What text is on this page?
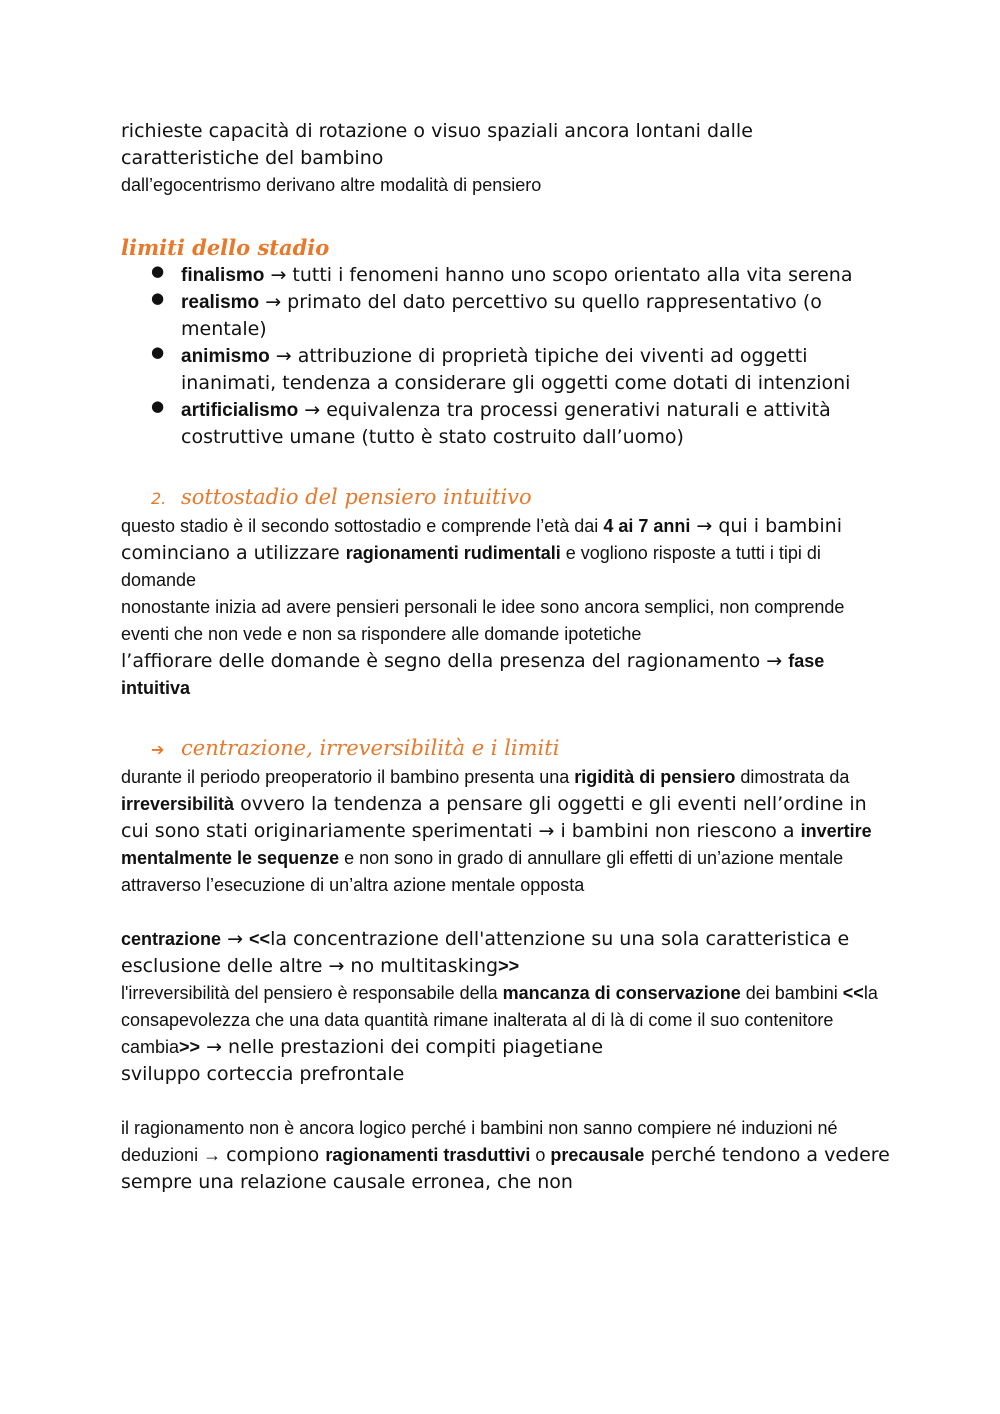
richieste capacità di rotazione o visuo spaziali ancora lontani dalle caratteristiche del bambino

dall’egocentrismo derivano altre modalità di pensiero

limiti dello stadio
● finalismo → tutti i fenomeni hanno uno scopo orientato alla vita serena
● realismo → primato del dato percettivo su quello rappresentativo (o mentale)
● animismo → attribuzione di proprietà tipiche dei viventi ad oggetti inanimati, tendenza a considerare gli oggetti come dotati di intenzioni
● artificialismo → equivalenza tra processi generativi naturali e attività costruttive umane (tutto è stato costruito dall’uomo)
2. sottostadio del pensiero intuitivo

questo stadio è il secondo sottostadio e comprende l’età dai 4 ai 7 anni → qui i bambini cominciano a utilizzare ragionamenti rudimentali e vogliono risposte a tutti i tipi di domande

nonostante inizia ad avere pensieri personali le idee sono ancora semplici, non comprende eventi che non vede e non sa rispondere alle domande ipotetiche

l’affiorare delle domande è segno della presenza del ragionamento → fase intuitiva

➔ centrazione, irreversibilità e i limiti

durante il periodo preoperatorio il bambino presenta una rigidità di pensiero dimostrata da irreversibilità ovvero la tendenza a pensare gli oggetti e gli eventi nell’ordine in cui sono stati originariamente sperimentati → i bambini non riescono a invertire mentalmente le sequenze e non sono in grado di annullare gli effetti di un’azione mentale attraverso l’esecuzione di un’altra azione mentale opposta

centrazione → <<la concentrazione dell'attenzione su una sola caratteristica e esclusione delle altre → no multitasking>>

l'irreversibilità del pensiero è responsabile della mancanza di conservazione dei bambini <<la consapevolezza che una data quantità rimane inalterata al di là di come il suo contenitore cambia>> → nelle prestazioni dei compiti piagetiane

sviluppo corteccia prefrontale

il ragionamento non è ancora logico perché i bambini non sanno compiere né induzioni né deduzioni → compiono ragionamenti trasduttivi o precausale perché tendono a vedere sempre una relazione causale erronea, che non
